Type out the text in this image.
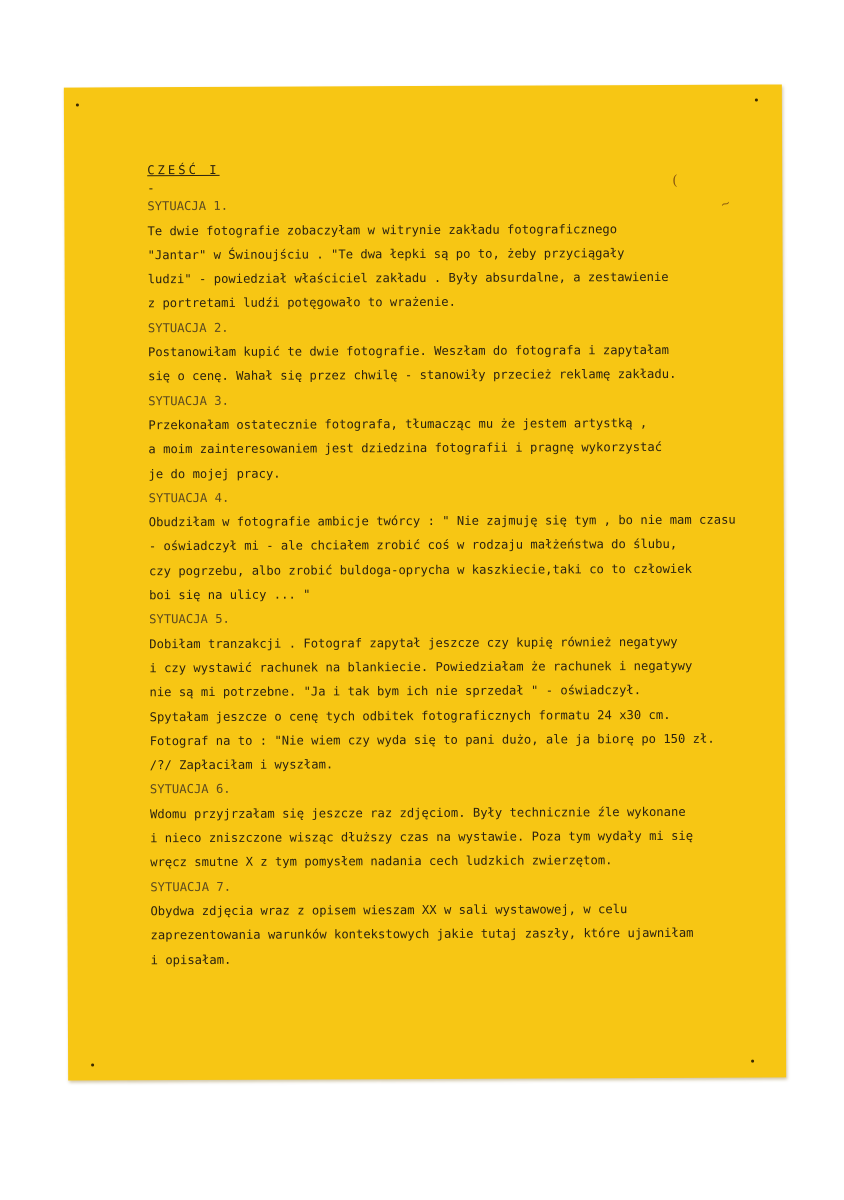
(
~
CZEŚĆ I
-
SYTUACJA 1.
Te dwie fotografie zobaczyłam w witrynie zakładu fotograficznego
"Jantar" w Świnoujściu . "Te dwa łepki są po to, żeby przyciągały
ludzi" - powiedział właściciel zakładu . Były absurdalne, a zestawienie
z portretami ludźi potęgowało to wrażenie.
SYTUACJA 2.
Postanowiłam kupić te dwie fotografie. Weszłam do fotografa i zapytałam
się o cenę. Wahał się przez chwilę - stanowiły przecież reklamę zakładu.
SYTUACJA 3.
Przekonałam ostatecznie fotografa, tłumacząc mu że jestem artystką ,
a moim zainteresowaniem jest dziedzina fotografii i pragnę wykorzystać
je do mojej pracy.
SYTUACJA 4.
Obudziłam w fotografie ambicje twórcy : " Nie zajmuję się tym , bo nie mam czasu
- oświadczył mi - ale chciałem zrobić coś w rodzaju małżeństwa do ślubu,
czy pogrzebu, albo zrobić buldoga-oprycha w kaszkiecie,taki co to człowiek
boi się na ulicy ... "
SYTUACJA 5.
Dobiłam tranzakcji . Fotograf zapytał jeszcze czy kupię również negatywy
i czy wystawić rachunek na blankiecie. Powiedziałam że rachunek i negatywy
nie są mi potrzebne. "Ja i tak bym ich nie sprzedał " - oświadczył.
Spytałam jeszcze o cenę tych odbitek fotograficznych formatu 24 x30 cm.
Fotograf na to : "Nie wiem czy wyda się to pani dużo, ale ja biorę po 150 zł.
/?/ Zapłaciłam i wyszłam.
SYTUACJA 6.
Wdomu przyjrzałam się jeszcze raz zdjęciom. Były technicznie źle wykonane
i nieco zniszczone wisząc dłuższy czas na wystawie. Poza tym wydały mi się
wręcz smutne X z tym pomysłem nadania cech ludzkich zwierzętom.
SYTUACJA 7.
Obydwa zdjęcia wraz z opisem wieszam XX w sali wystawowej, w celu
zaprezentowania warunków kontekstowych jakie tutaj zaszły, które ujawniłam
i opisałam.
